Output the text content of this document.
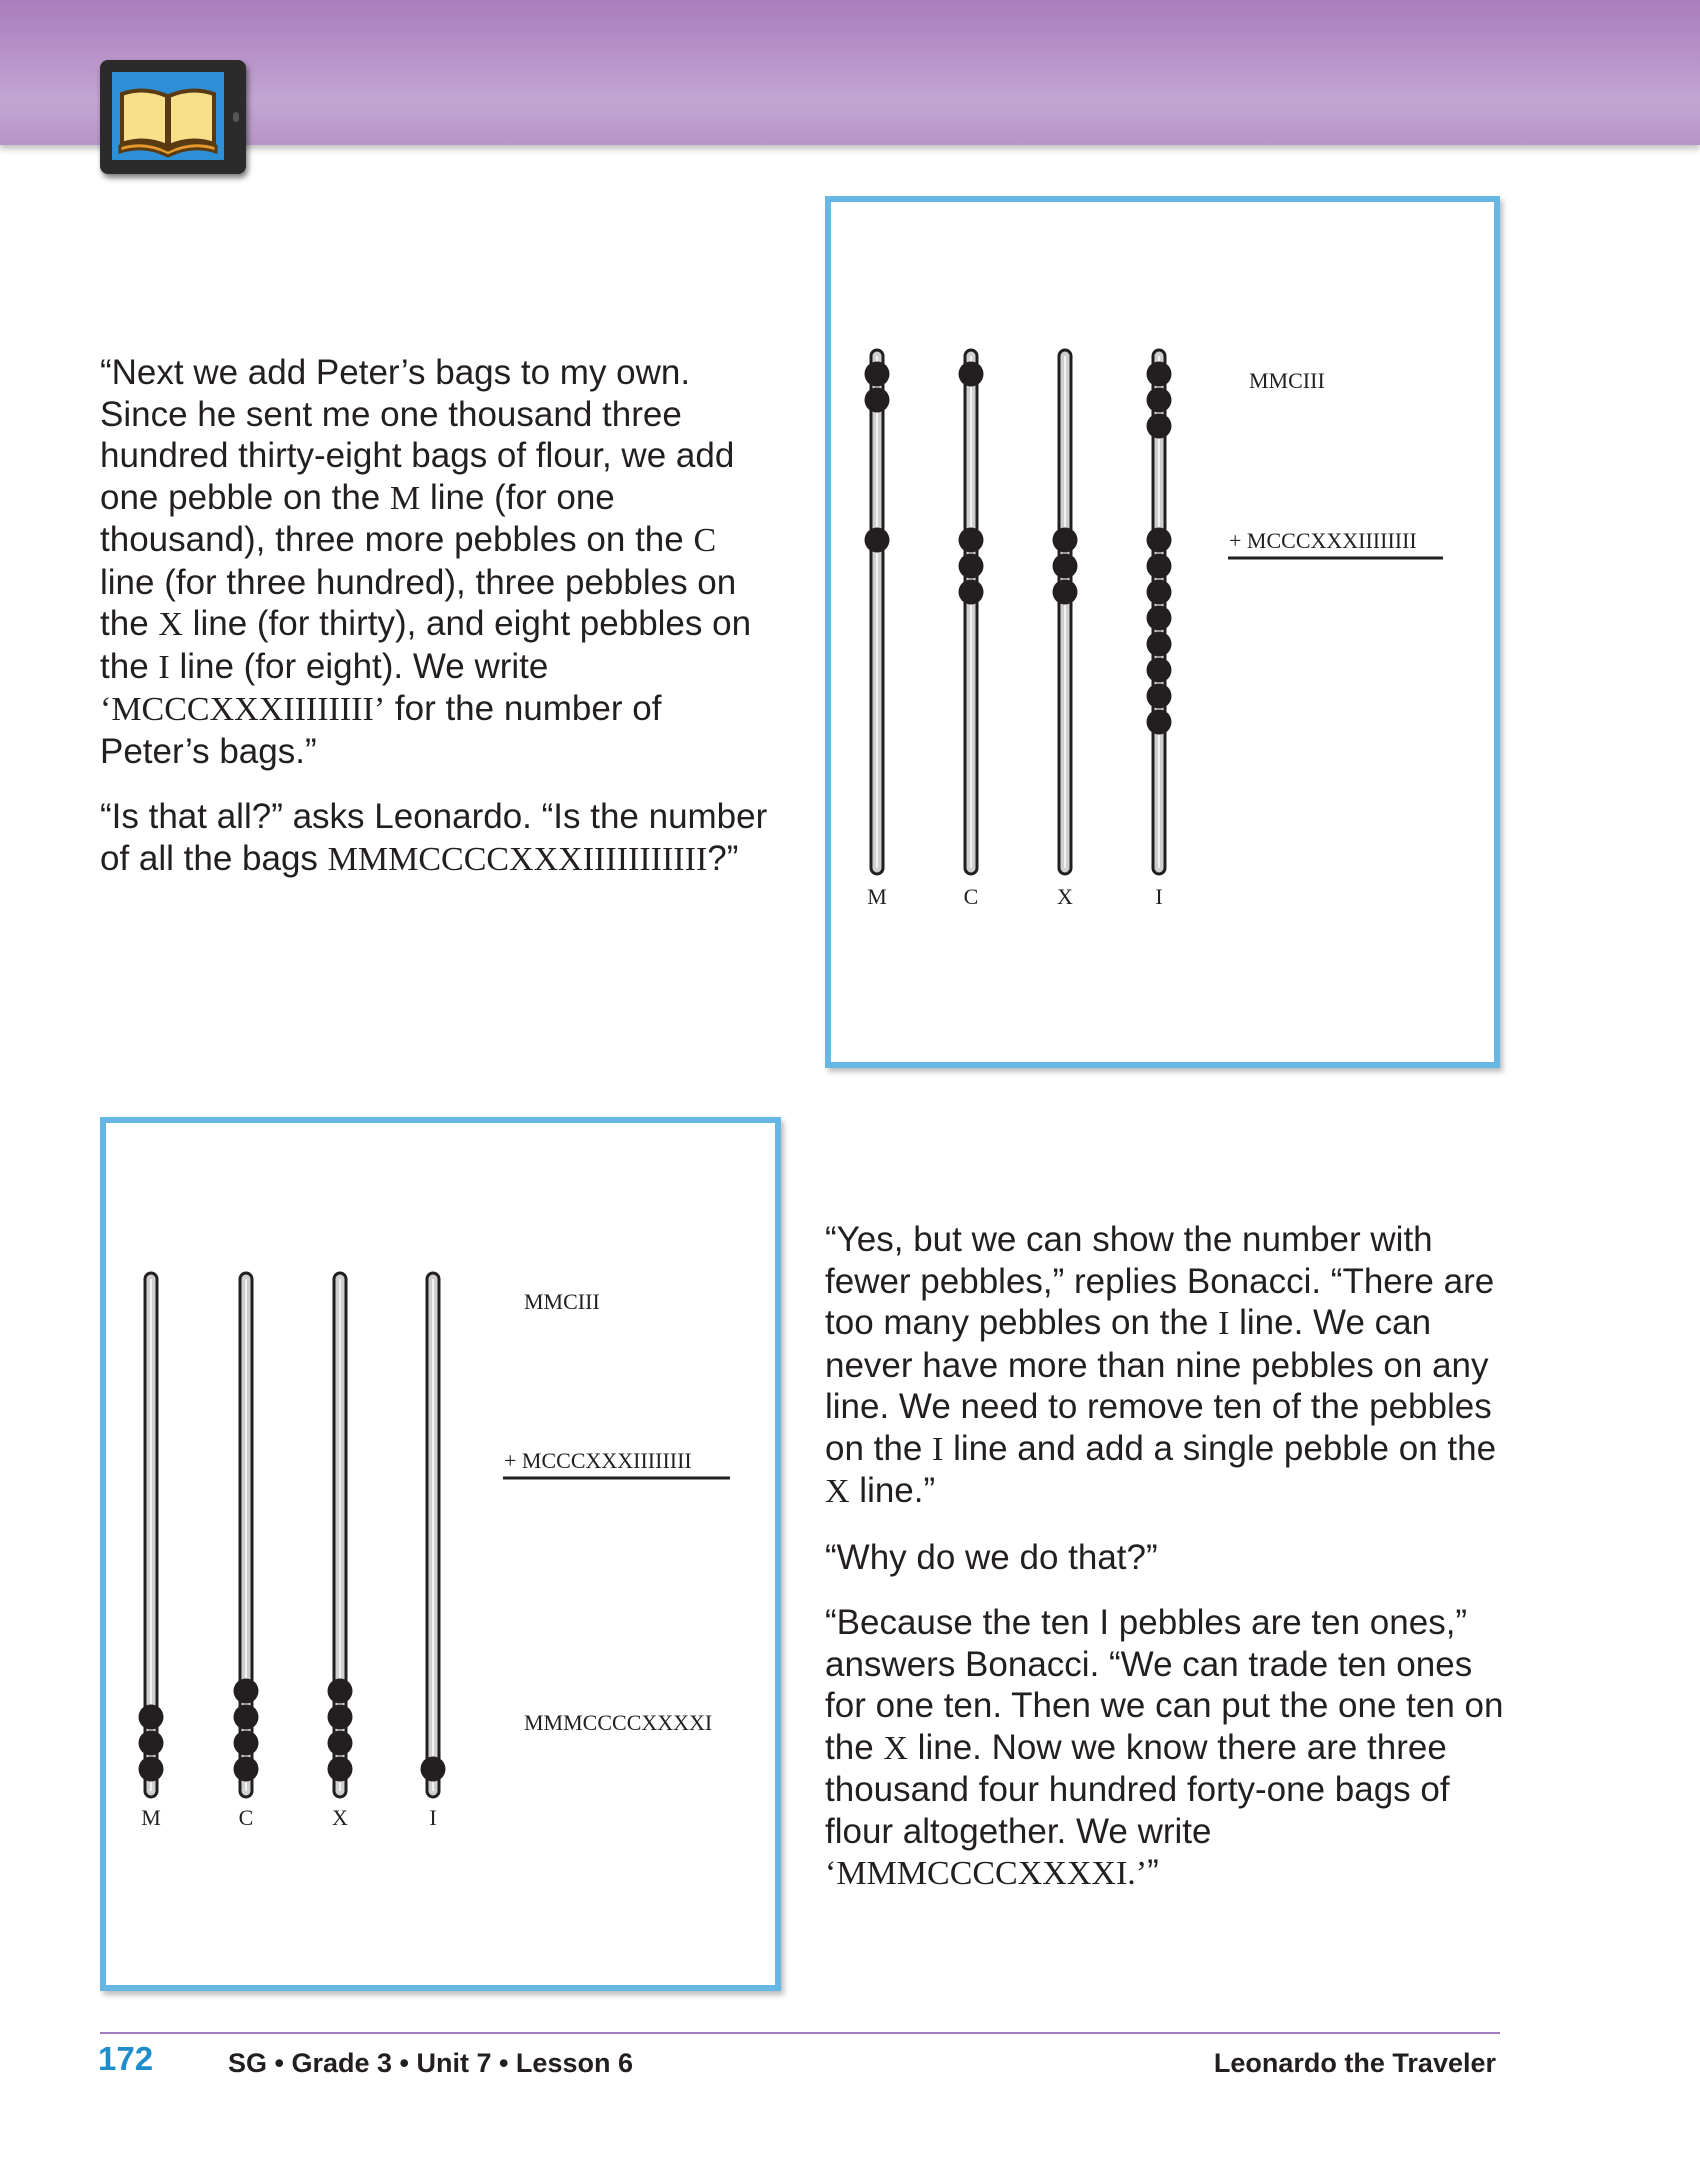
“Next we add Peter’s bags to my own. Since he sent me one thousand three hundred thirty-eight bags of flour, we add one pebble on the M line (for one thousand), three more pebbles on the C line (for three hundred), three pebbles on the X line (for thirty), and eight pebbles on the I line (for eight). We write ‘MCCCXXXIIIIIIII’ for the number of Peter’s bags.”

“Is that all?” asks Leonardo. “Is the number of all the bags MMMCCCCXXXIIIIIIIIIII?”

MMCIII
+ MCCCXXXIIIIIIII
M	C	X	I
MMCIII
+ MCCCXXXIIIIIIII
MMMCCCCXXXXI
M	C	X	I

“Yes, but we can show the number with fewer pebbles,” replies Bonacci. “There are too many pebbles on the I line. We can never have more than nine pebbles on any line. We need to remove ten of the pebbles on the I line and add a single pebble on the X line.”

“Why do we do that?”

“Because the ten I pebbles are ten ones,” answers Bonacci. “We can trade ten ones for one ten. Then we can put the one ten on the X line. Now we know there are three thousand four hundred forty-one bags of flour altogether. We write ‘MMMCCCCXXXXI.’”

172	SG • Grade 3 • Unit 7 • Lesson 6	Leonardo the Traveler
